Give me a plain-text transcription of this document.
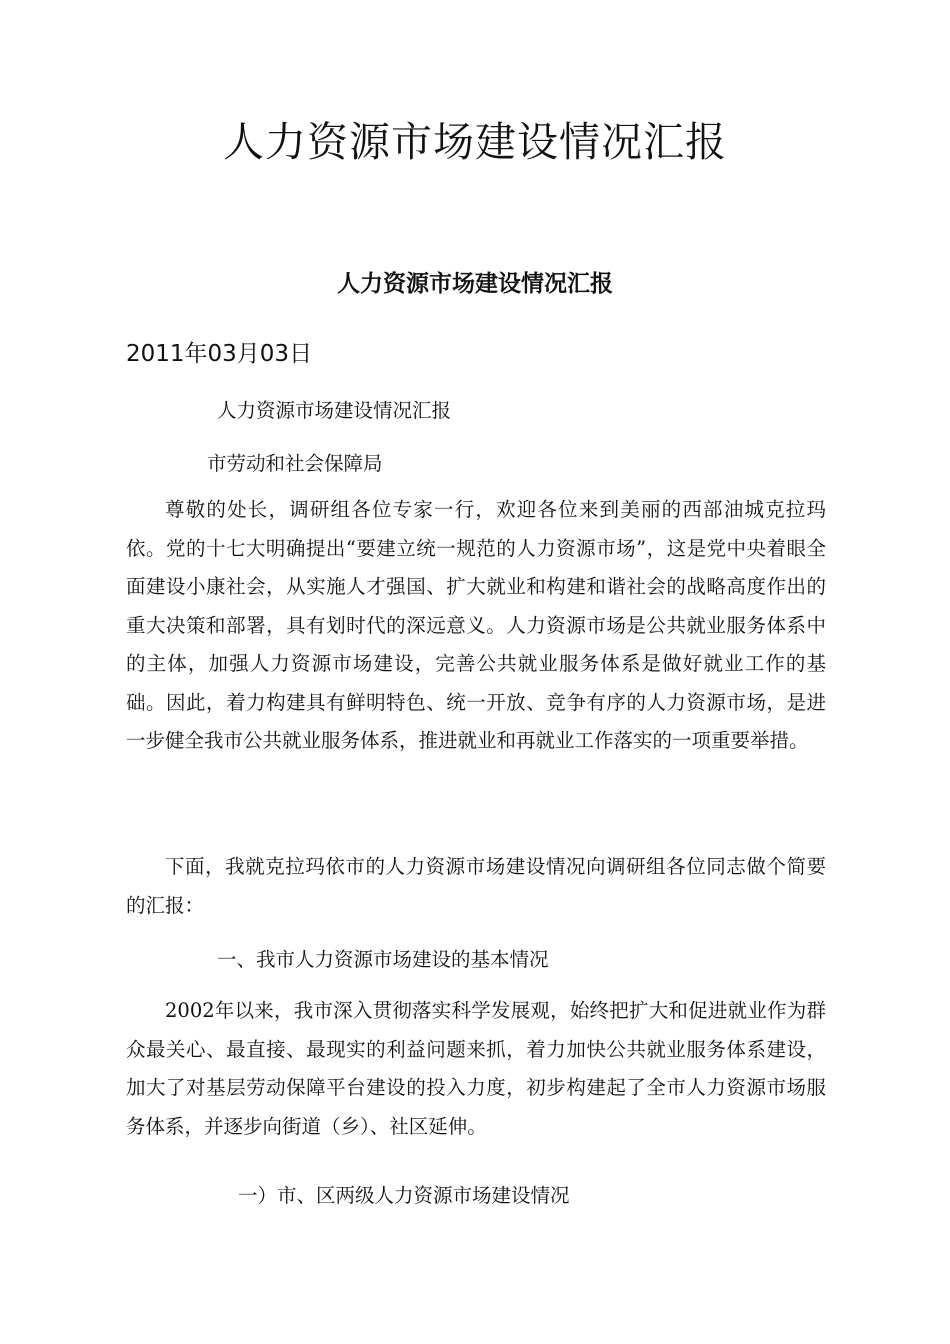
人力资源市场建设情况汇报
人力资源市场建设情况汇报
2011年03月03日
人力资源市场建设情况汇报
市劳动和社会保障局

尊敬的处长，调研组各位专家一行，欢迎各位来到美丽的西部油城克拉玛依。党的十七大明确提出“要建立统一规范的人力资源市场”，这是党中央着眼全面建设小康社会，从实施人才强国、扩大就业和构建和谐社会的战略高度作出的重大决策和部署，具有划时代的深远意义。人力资源市场是公共就业服务体系中的主体，加强人力资源市场建设，完善公共就业服务体系是做好就业工作的基础。因此，着力构建具有鲜明特色、统一开放、竞争有序的人力资源市场，是进一步健全我市公共就业服务体系，推进就业和再就业工作落实的一项重要举措。

下面，我就克拉玛依市的人力资源市场建设情况向调研组各位同志做个简要的汇报：

一、我市人力资源市场建设的基本情况

2002年以来，我市深入贯彻落实科学发展观，始终把扩大和促进就业作为群众最关心、最直接、最现实的利益问题来抓，着力加快公共就业服务体系建设，加大了对基层劳动保障平台建设的投入力度，初步构建起了全市人力资源市场服务体系，并逐步向街道（乡）、社区延伸。

一）市、区两级人力资源市场建设情况
